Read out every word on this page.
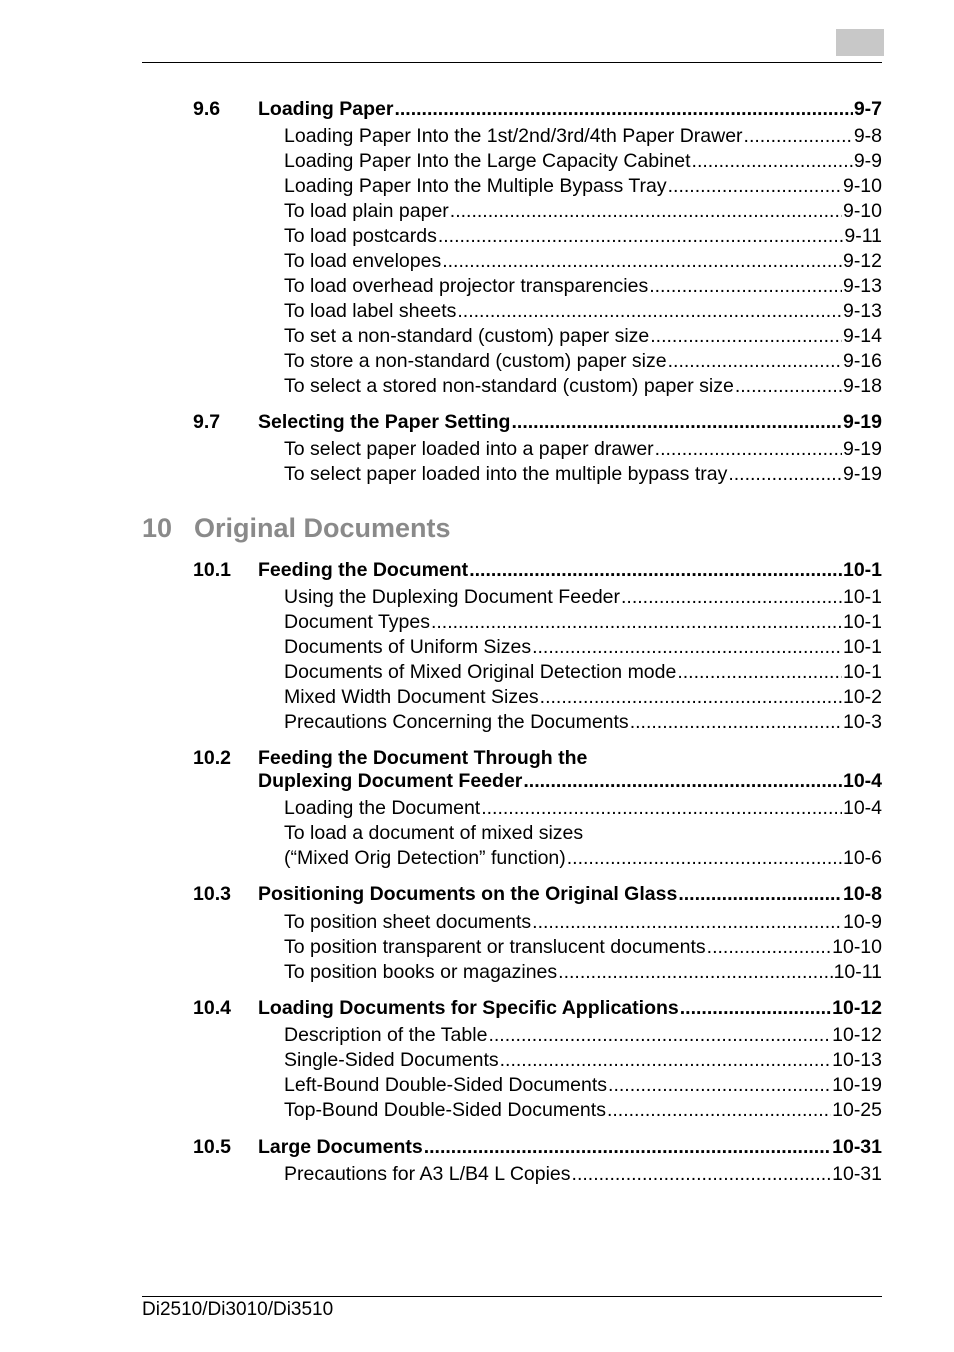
9.6 Loading Paper .....	9-7
Loading Paper Into the 1st/2nd/3rd/4th Paper Drawer .....	9-8
Loading Paper Into the Large Capacity Cabinet .....	9-9
Loading Paper Into the Multiple Bypass Tray .....	9-10
To load plain paper .....	9-10
To load postcards .....	9-11
To load envelopes .....	9-12
To load overhead projector transparencies .....	9-13
To load label sheets .....	9-13
To set a non-standard (custom) paper size .....	9-14
To store a non-standard (custom) paper size .....	9-16
To select a stored non-standard (custom) paper size .....	9-18
9.7 Selecting the Paper Setting .....	9-19
To select paper loaded into a paper drawer .....	9-19
To select paper loaded into the multiple bypass tray .....	9-19
10 Original Documents
10.1 Feeding the Document .....	10-1
Using the Duplexing Document Feeder .....	10-1
Document Types .....	10-1
Documents of Uniform Sizes .....	10-1
Documents of Mixed Original Detection mode .....	10-1
Mixed Width Document Sizes .....	10-2
Precautions Concerning the Documents .....	10-3
10.2 Feeding the Document Through the
Duplexing Document Feeder .....	10-4
Loading the Document .....	10-4
To load a document of mixed sizes
(“Mixed Orig Detection” function) .....	10-6
10.3 Positioning Documents on the Original Glass .....	10-8
To position sheet documents .....	10-9
To position transparent or translucent documents .....	10-10
To position books or magazines .....	10-11
10.4 Loading Documents for Specific Applications .....	10-12
Description of the Table .....	10-12
Single-Sided Documents .....	10-13
Left-Bound Double-Sided Documents .....	10-19
Top-Bound Double-Sided Documents .....	10-25
10.5 Large Documents .....	10-31
Precautions for A3 L/B4 L Copies .....	10-31
Di2510/Di3010/Di3510
